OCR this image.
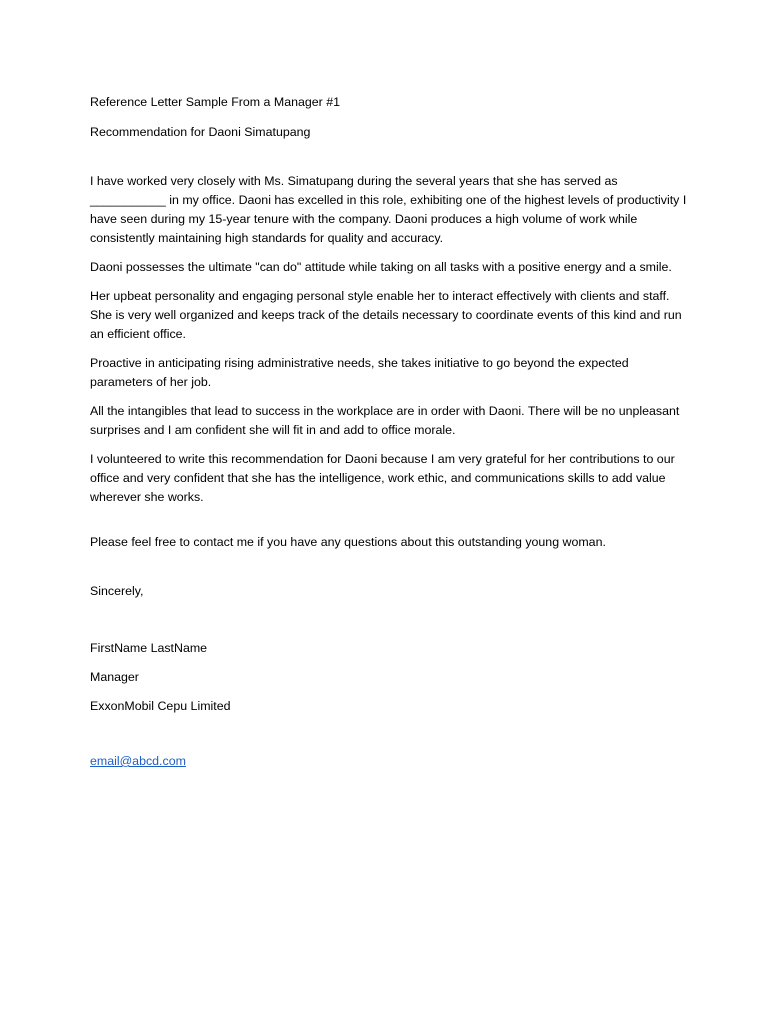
Reference Letter Sample From a Manager #1

Recommendation for Daoni Simatupang

I have worked very closely with Ms. Simatupang during the several years that she has served as ___________ in my office. Daoni has excelled in this role, exhibiting one of the highest levels of productivity I have seen during my 15-year tenure with the company. Daoni produces a high volume of work while consistently maintaining high standards for quality and accuracy.

Daoni possesses the ultimate "can do" attitude while taking on all tasks with a positive energy and a smile.

Her upbeat personality and engaging personal style enable her to interact effectively with clients and staff. She is very well organized and keeps track of the details necessary to coordinate events of this kind and run an efficient office.

Proactive in anticipating rising administrative needs, she takes initiative to go beyond the expected parameters of her job.

All the intangibles that lead to success in the workplace are in order with Daoni. There will be no unpleasant surprises and I am confident she will fit in and add to office morale.

I volunteered to write this recommendation for Daoni because I am very grateful for her contributions to our office and very confident that she has the intelligence, work ethic, and communications skills to add value wherever she works.

Please feel free to contact me if you have any questions about this outstanding young woman.

Sincerely,

FirstName LastName

Manager

ExxonMobil Cepu Limited

email@abcd.com
